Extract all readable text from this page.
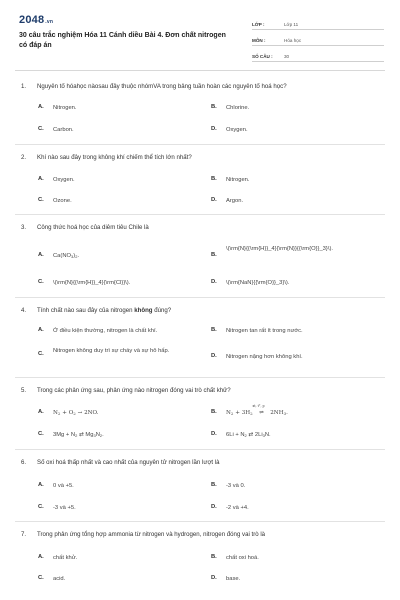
2048.vn
30 câu trắc nghiệm Hóa 11 Cánh diều Bài 4. Đơn chất nitrogen có đáp án
LỚP :	Lớp 11
MÔN :	Hóa học
SỐ CÂU :	30
1.	Nguyên tố hóahọc nàosau đây thuộc nhómVA trong bảng tuần hoàn các nguyên tố hoá học?
A.	Nitrogen.	B.	Chlorine.
C.	Carbon.	D.	Oxygen.
2.	Khí nào sau đây trong không khí chiếm thể tích lớn nhất?
A.	Oxygen.	B.	Nitrogen.
C.	Ozone.	D.	Argon.
3.	Công thức hoá học của diêm tiêu Chile là
A.	$Ca(NO_3)_2$.	B.
\(\rm{N}{{\rm{H}}_4}{\rm{N}}{{\rm{O}}_3}\).
C.	\(\rm{N}{{\rm{H}}_4}{\rm{Cl}}\).	D.	\(\rm{NaN}{{\rm{O}}_3}\).
4.	Tính chất nào sau đây của nitrogen không đúng?
A.	Ở điều kiện thường, nitrogen là chất khí.	B.	Nitrogen tan rất ít trong nước.
C.	Nitrogen không duy trì sự cháy và sự hô hấp.
D.	Nitrogen nặng hơn không khí.
5.	Trong các phản ứng sau, phản ứng nào nitrogen đóng vai trò chất khử?
A.	$N_2 + O_2 \to 2NO$.	B.	$N_2 + 3H_2$
xt, t°, p
⇌ $2NH_3$.
C.	$3Mg + N_2$ ⇄ $Mg_3N_2$.	D.	$6Li + N_2$ ⇄ $2Li_3N$.
6.	Số oxi hoá thấp nhất và cao nhất của nguyên tử nitrogen lần lượt là
A.	0 và +5.	B.	-3 và 0.
C.	-3 và +5.	D.	-2 và +4.
7.	Trong phản ứng tổng hợp ammonia từ nitrogen và hydrogen, nitrogen đóng vai trò là
A.	chất khử.	B.	chất oxi hoá.
C.	acid.	D.	base.
